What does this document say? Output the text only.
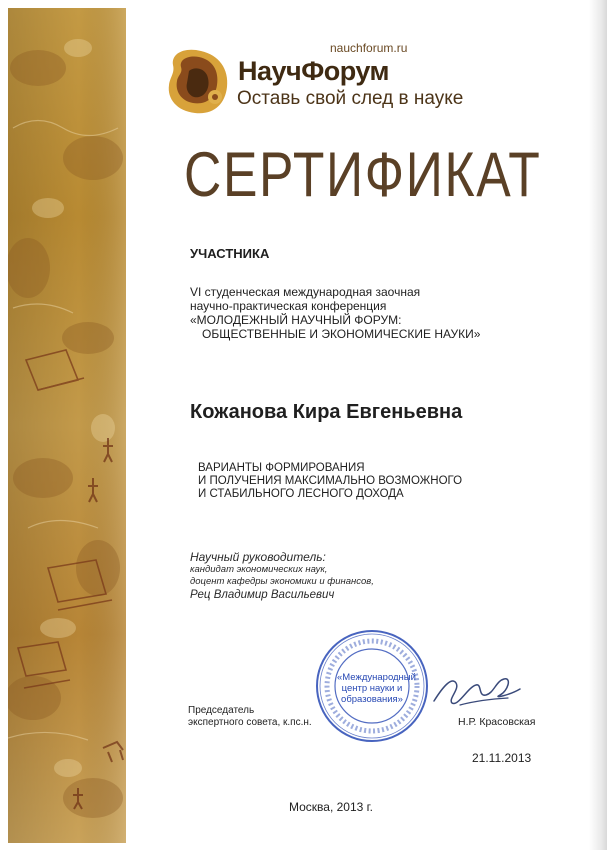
nauchforum.ru
НаучФорум
Оставь свой след в науке
СЕРТИФИКАТ
УЧАСТНИКА
VI студенческая международная заочная
научно-практическая конференция
«МОЛОДЕЖНЫЙ НАУЧНЫЙ ФОРУМ:
ОБЩЕСТВЕННЫЕ И ЭКОНОМИЧЕСКИЕ НАУКИ»
Кожанова Кира Евгеньевна
ВАРИАНТЫ ФОРМИРОВАНИЯ
И ПОЛУЧЕНИЯ МАКСИМАЛЬНО ВОЗМОЖНОГО
И СТАБИЛЬНОГО ЛЕСНОГО ДОХОДА
Научный руководитель:
кандидат экономических наук,
доцент кафедры экономики и финансов,
Рец Владимир Васильевич
«Международный
центр науки и
образования»
Председатель
экспертного совета, к.пс.н.	Н.Р. Красовская
21.11.2013
Москва, 2013 г.
